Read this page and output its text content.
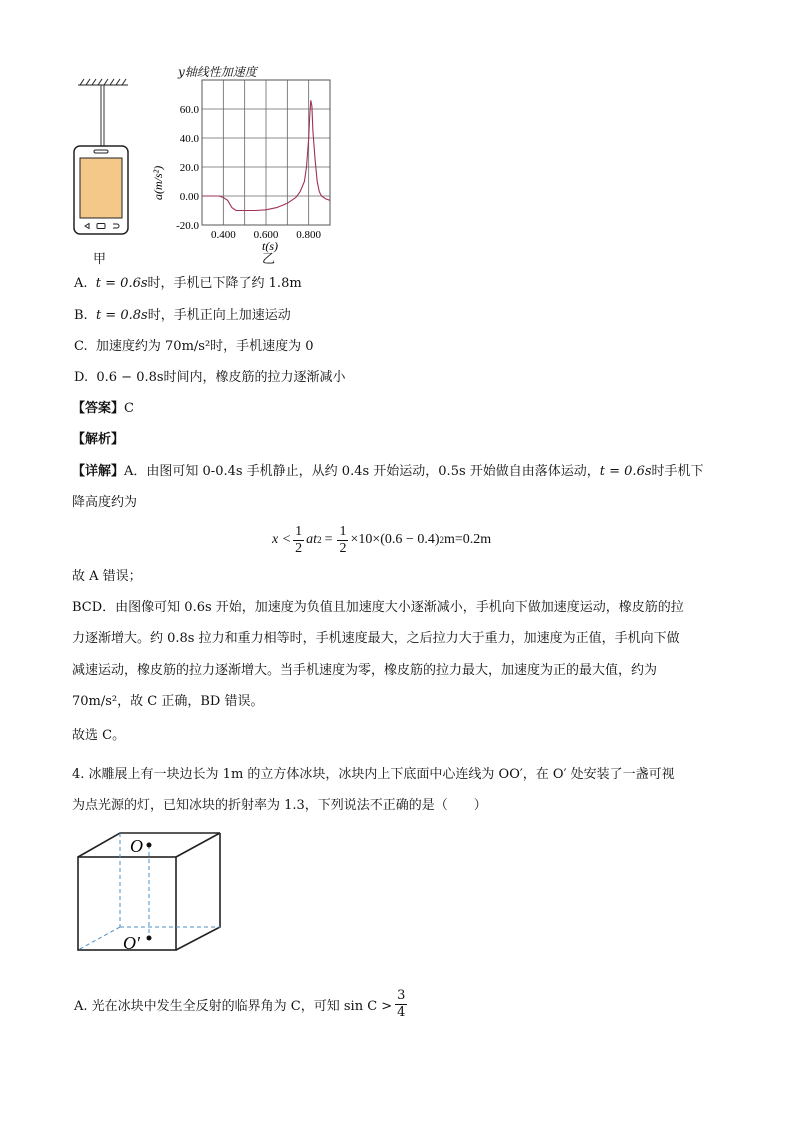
甲
y轴线性加速度
60.0
40.0
20.0
0.00
-20.0
0.400 0.600 0.800
a(m/s²)
t(s)
乙
A. t = 0.6s时，手机已下降了约 1.8m
B. t = 0.8s时，手机正向上加速运动
C. 加速度约为 70m/s²时，手机速度为 0
D. 0.6 − 0.8s时间内，橡皮筋的拉力逐渐减小
【答案】C
【解析】
【详解】A．由图可知 0-0.4s 手机静止，从约 0.4s 开始运动，0.5s 开始做自由落体运动，t = 0.6s时手机下
降高度约为
$x < \frac{1}{2}$ at $2 = \frac{1}{2} \times 10\times(0.6 - 0.4)$ 2 m=0.2m
故 A 错误；
BCD．由图像可知 0.6s 开始，加速度为负值且加速度大小逐渐减小，手机向下做加速度运动，橡皮筋的拉
力逐渐增大。约 0.8s 拉力和重力相等时，手机速度最大，之后拉力大于重力，加速度为正值，手机向下做
减速运动，橡皮筋的拉力逐渐增大。当手机速度为零，橡皮筋的拉力最大，加速度为正的最大值，约为
70m/s²，故 C 正确，BD 错误。
故选 C。
4. 冰雕展上有一块边长为 1m 的立方体冰块，冰块内上下底面中心连线为 OO′，在 O′ 处安装了一盏可视
为点光源的灯，已知冰块的折射率为 1.3，下列说法不正确的是（　　）
O
O′
A. 光在冰块中发生全反射的临界角为 C，可知 $\sin C > \frac{3}{4}$
